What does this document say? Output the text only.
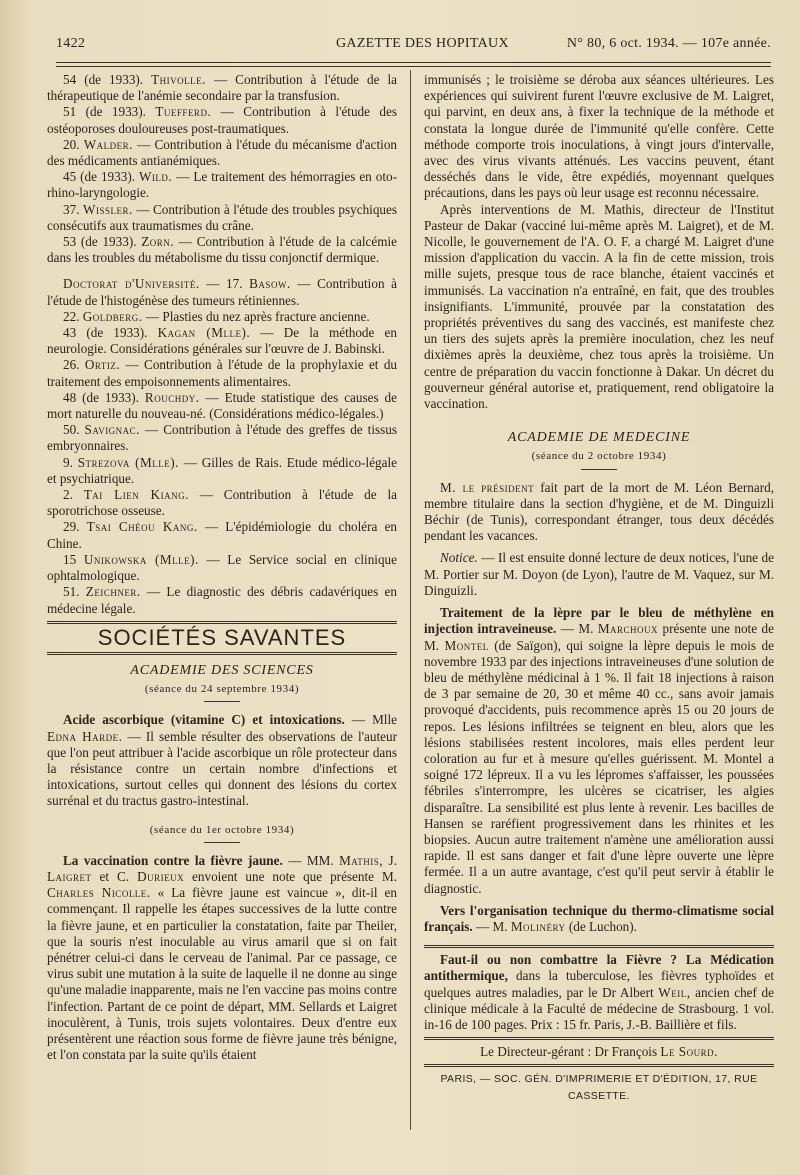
1422	GAZETTE DES HOPITAUX	N° 80, 6 oct. 1934. — 107e année.

54 (de 1933). Thivolle. — Contribution à l'étude de la thérapeutique de l'anémie secondaire par la transfusion.

51 (de 1933). Tuefferd. — Contribution à l'étude des ostéoporoses douloureuses post-traumatiques.

20. Walder. — Contribution à l'étude du mécanisme d'action des médicaments antianémiques.

45 (de 1933). Wild. — Le traitement des hémorragies en oto-rhino-laryngologie.

37. Wissler. — Contribution à l'étude des troubles psychiques consécutifs aux traumatismes du crâne.

53 (de 1933). Zorn. — Contribution à l'étude de la calcémie dans les troubles du métabolisme du tissu conjonctif dermique.

Doctorat d'Université. — 17. Basow. — Contribution à l'étude de l'histogénèse des tumeurs rétiniennes.

22. Goldberg. — Plasties du nez après fracture ancienne.

43 (de 1933). Kagan (Mlle). — De la méthode en neurologie. Considérations générales sur l'œuvre de J. Babinski.

26. Ortiz. — Contribution à l'étude de la prophylaxie et du traitement des empoisonnements alimentaires.

48 (de 1933). Rouchdy. — Etude statistique des causes de mort naturelle du nouveau-né. (Considérations médico-légales.)

50. Savignac. — Contribution à l'étude des greffes de tissus embryonnaires.

9. Strezova (Mlle). — Gilles de Rais. Etude médico-légale et psychiatrique.

2. Tai Lien Kiang. — Contribution à l'étude de la sporotrichose osseuse.

29. Tsai Chéou Kang. — L'épidémiologie du choléra en Chine.

15 Unikowska (Mlle). — Le Service social en clinique ophtalmologique.

51. Zeichner. — Le diagnostic des débris cadavériques en médecine légale.

SOCIÉTÉS SAVANTES
ACADEMIE DES SCIENCES
(séance du 24 septembre 1934)

Acide ascorbique (vitamine C) et intoxications. — Mlle Edna Harde. — Il semble résulter des observations de l'auteur que l'on peut attribuer à l'acide ascorbique un rôle protecteur dans la résistance contre un certain nombre d'infections et intoxications, surtout celles qui donnent des lésions du cortex surrénal et du tractus gastro-intestinal.

(séance du 1er octobre 1934)

La vaccination contre la fièvre jaune. — MM. Mathis, J. Laigret et C. Durieux envoient une note que présente M. Charles Nicolle. « La fièvre jaune est vaincue », dit-il en commençant. Il rappelle les étapes successives de la lutte contre la fièvre jaune, et en particulier la constatation, faite par Theiler, que la souris n'est inoculable au virus amaril que si on fait pénétrer celui-ci dans le cerveau de l'animal. Par ce passage, ce virus subit une mutation à la suite de laquelle il ne donne au singe qu'une maladie inapparente, mais ne l'en vaccine pas moins contre l'infection. Partant de ce point de départ, MM. Sellards et Laigret inoculèrent, à Tunis, trois sujets volontaires. Deux d'entre eux présentèrent une réaction sous forme de fièvre jaune très bénigne, et l'on constata par la suite qu'ils étaient

immunisés ; le troisième se déroba aux séances ultérieures. Les expériences qui suivirent furent l'œuvre exclusive de M. Laigret, qui parvint, en deux ans, à fixer la technique de la méthode et constata la longue durée de l'immunité qu'elle confère. Cette méthode comporte trois inoculations, à vingt jours d'intervalle, avec des virus vivants atténués. Les vaccins peuvent, étant desséchés dans le vide, être expédiés, moyennant quelques précautions, dans les pays où leur usage est reconnu nécessaire.

Après interventions de M. Mathis, directeur de l'Institut Pasteur de Dakar (vacciné lui-même après M. Laigret), et de M. Nicolle, le gouvernement de l'A. O. F. a chargé M. Laigret d'une mission d'application du vaccin. A la fin de cette mission, trois mille sujets, presque tous de race blanche, étaient vaccinés et immunisés. La vaccination n'a entraîné, en fait, que des troubles insignifiants. L'immunité, prouvée par la constatation des propriétés préventives du sang des vaccinés, est manifeste chez un tiers des sujets après la première inoculation, chez les neuf dixièmes après la deuxième, chez tous après la troisième. Un centre de préparation du vaccin fonctionne à Dakar. Un décret du gouverneur général autorise et, pratiquement, rend obligatoire la vaccination.

ACADEMIE DE MEDECINE
(séance du 2 octobre 1934)

M. le président fait part de la mort de M. Léon Bernard, membre titulaire dans la section d'hygiène, et de M. Dinguizli Béchir (de Tunis), correspondant étranger, tous deux décédés pendant les vacances.

Notice. — Il est ensuite donné lecture de deux notices, l'une de M. Portier sur M. Doyon (de Lyon), l'autre de M. Vaquez, sur M. Dinguizli.

Traitement de la lèpre par le bleu de méthylène en injection intraveineuse. — M. Marchoux présente une note de M. Montel (de Saïgon), qui soigne la lèpre depuis le mois de novembre 1933 par des injections intraveineuses d'une solution de bleu de méthylène médicinal à 1 %. Il fait 18 injections à raison de 3 par semaine de 20, 30 et même 40 cc., sans avoir jamais provoqué d'accidents, puis recommence après 15 ou 20 jours de repos. Les lésions infiltrées se teignent en bleu, alors que les lésions stabilisées restent incolores, mais elles perdent leur coloration au fur et à mesure qu'elles guérissent. M. Montel a soigné 172 lépreux. Il a vu les lépromes s'affaisser, les poussées fébriles s'interrompre, les ulcères se cicatriser, les algies disparaître. La sensibilité est plus lente à revenir. Les bacilles de Hansen se raréfient progressivement dans les rhinites et les biopsies. Aucun autre traitement n'amène une amélioration aussi rapide. Il est sans danger et fait d'une lèpre ouverte une lèpre fermée. Il a un autre avantage, c'est qu'il peut servir à établir le diagnostic.

Vers l'organisation technique du thermo-climatisme social français. — M. Molinéry (de Luchon).

Faut-il ou non combattre la Fièvre ? La Médication antithermique, dans la tuberculose, les fièvres typhoïdes et quelques autres maladies, par le Dr Albert Weil, ancien chef de clinique médicale à la Faculté de médecine de Strasbourg. 1 vol. in-16 de 100 pages. Prix : 15 fr. Paris, J.-B. Baillière et fils.

Le Directeur-gérant : Dr François Le Sourd.

PARIS, — SOC. GÉN. D'IMPRIMERIE ET D'ÉDITION, 17, RUE CASSETTE.
